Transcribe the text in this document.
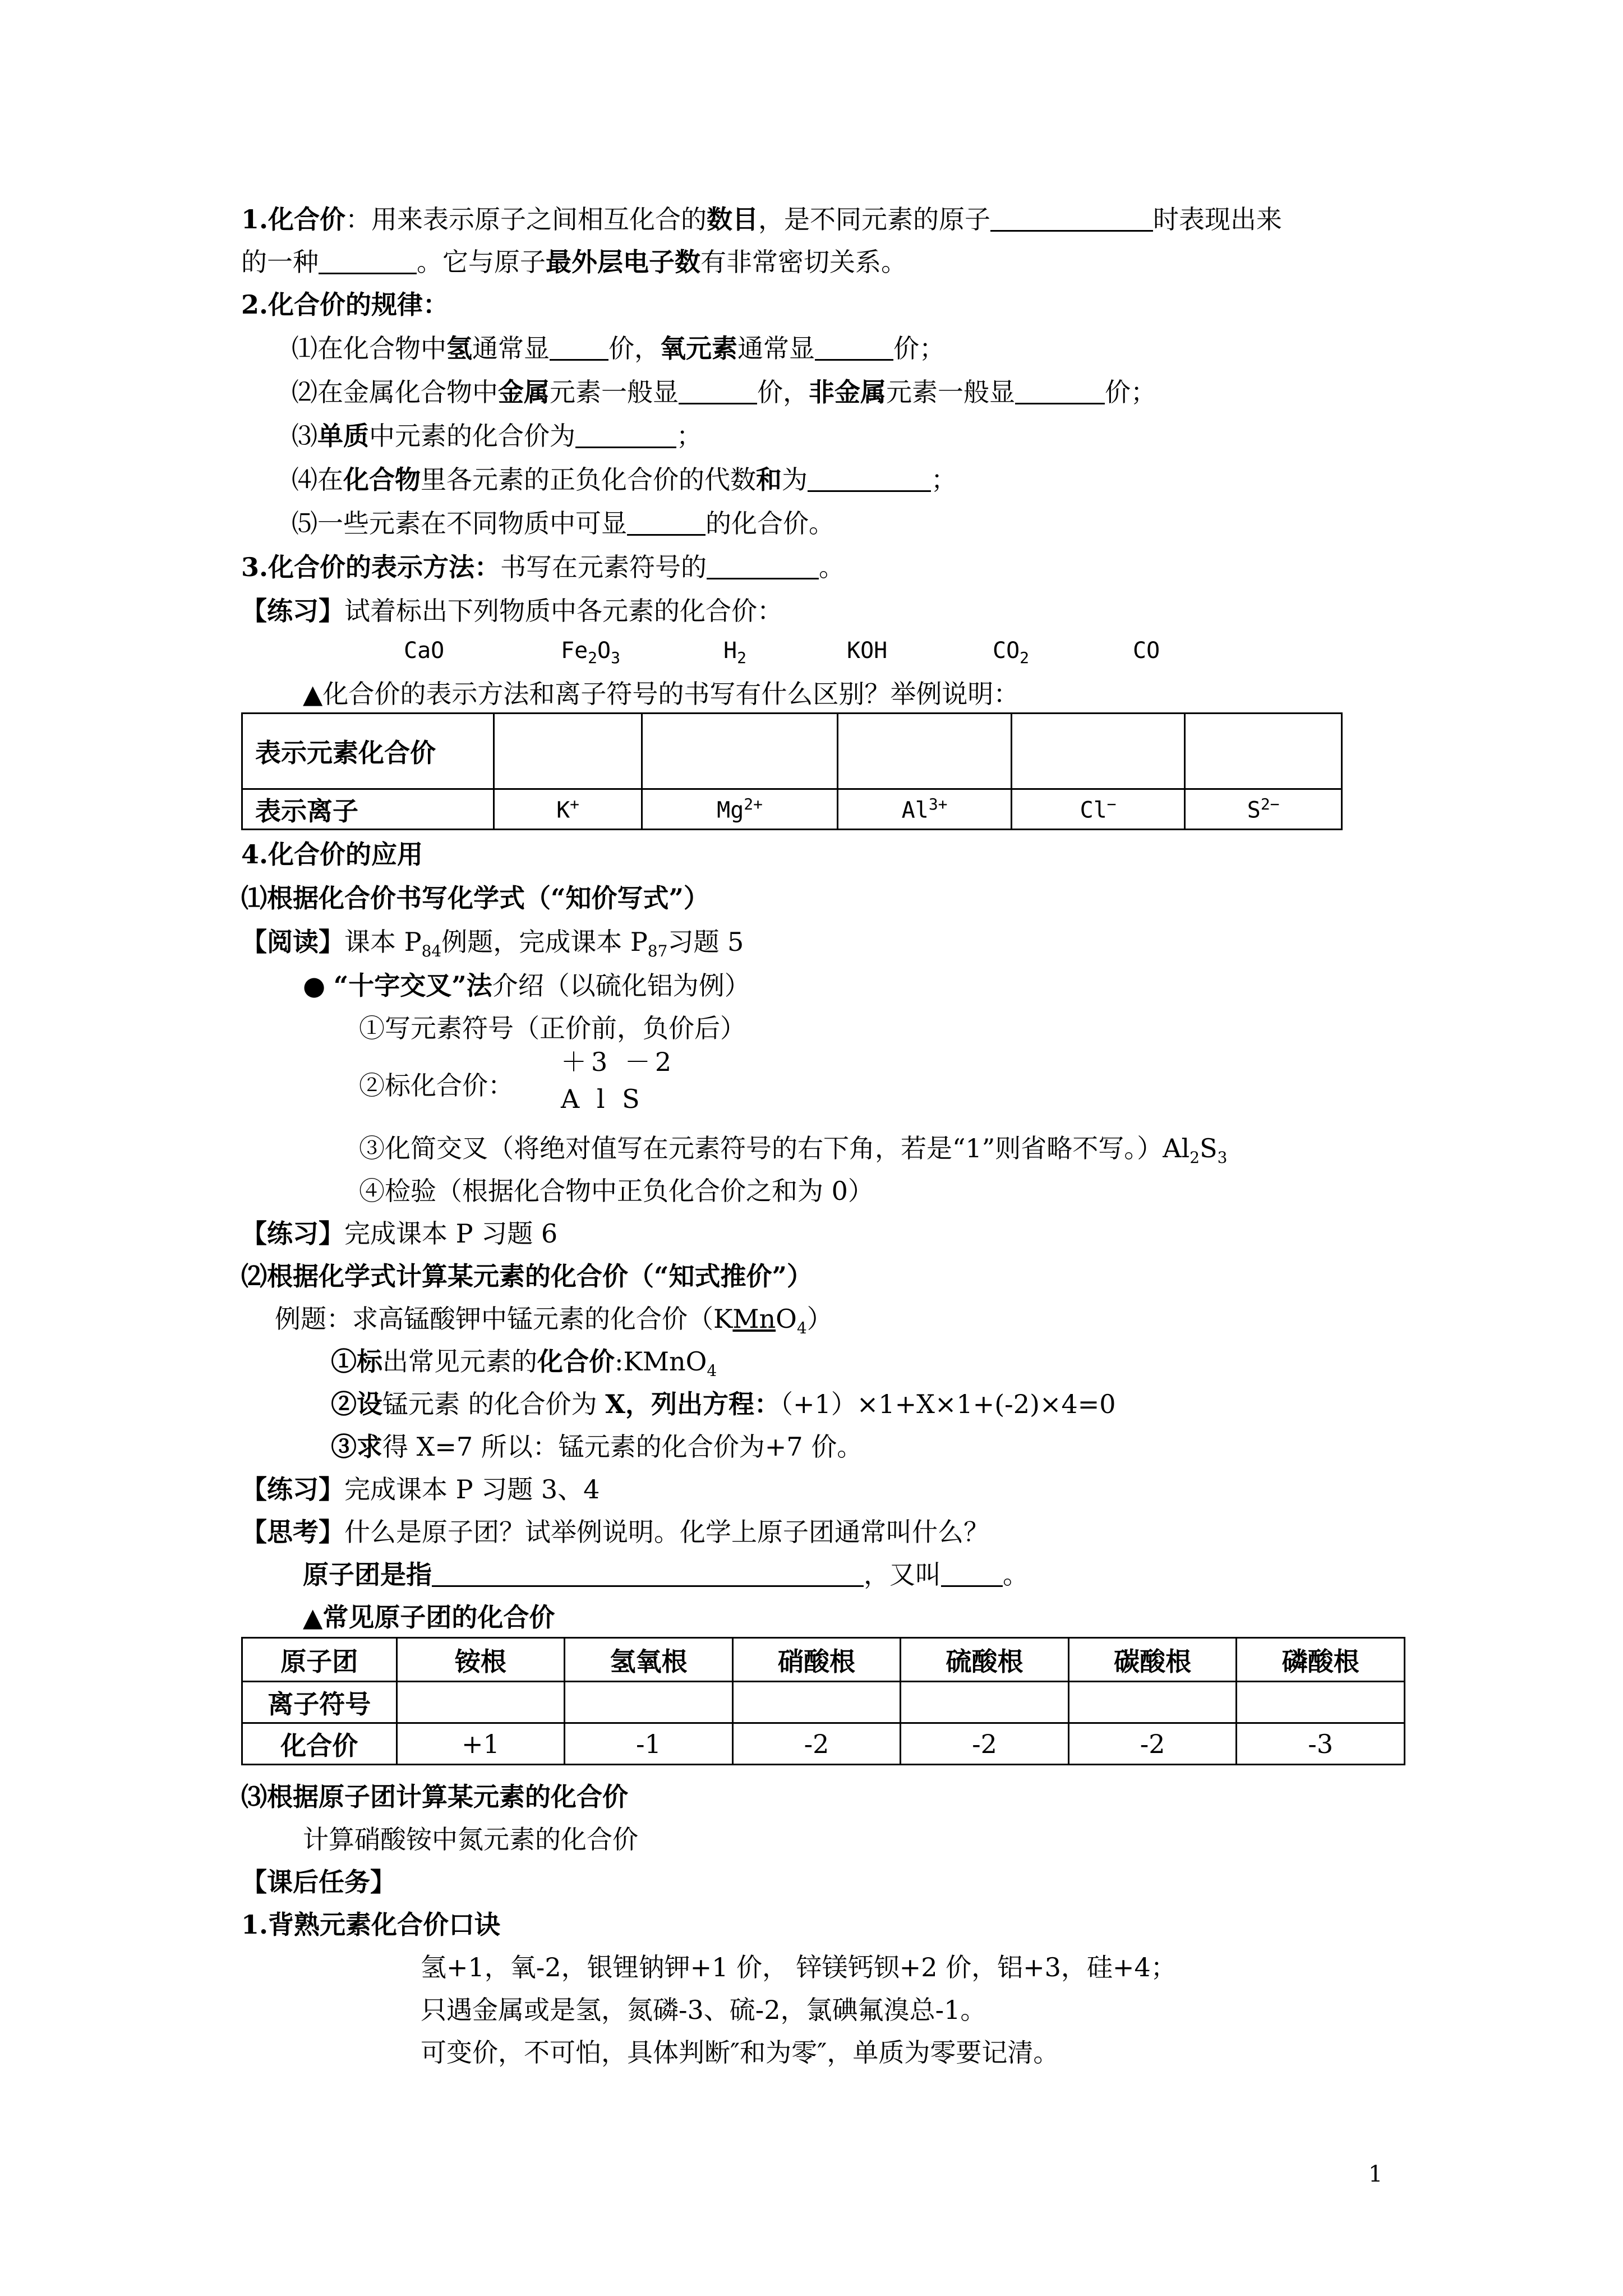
1.化合价：用来表示原子之间相互化合的数目，是不同元素的原子	时表现出来
的一种	。它与原子最外层电子数有非常密切关系。
2.化合价的规律：
⑴在化合物中氢通常显 价，氧元素通常显	价；
⑵在金属化合物中金属元素一般显	价，非金属元素一般显	价；
⑶单质中元素的化合价为	；
⑷在化合物里各元素的正负化合价的代数和为	；
⑸一些元素在不同物质中可显	的化合价。
3.化合价的表示方法：书写在元素符号的	。
【练习】试着标出下列物质中各元素的化合价：
CaO	$Fe_2O_3$	$H_2$	KOH	$CO_2$	CO
▲化合价的表示方法和离子符号的书写有什么区别？举例说明：
表示元素化合价					
表示离子	K+	$Mg^{2+}$	$Al^{3+}$	Cl−	$S^{2-}$
4.化合价的应用
⑴根据化合价书写化学式（“知价写式”）
【阅读】课本 $P_{84}$例题，完成课本 $P_{87}$习题 5
● “十字交叉”法介绍（以硫化铝为例）
①写元素符号（正价前，负价后）
②标化合价：
＋3 －2
A l S
③化简交叉（将绝对值写在元素符号的右下角，若是“1”则省略不写。）$Al_2S_3$
④检验（根据化合物中正负化合价之和为 0）
【练习】完成课本 P 习题 6
⑵根据化学式计算某元素的化合价（“知式推价”）
例题：求高锰酸钾中锰元素的化合价（KMnO$_4$）
①标出常见元素的化合价:KMnO$_4$
②设锰元素 的化合价为 X，列出方程：（+1）×1+X×1+(-2)×4=0
③求得 X=7 所以：锰元素的化合价为+7 价。
【练习】完成课本 P 习题 3、4
【思考】什么是原子团？试举例说明。化学上原子团通常叫什么？
原子团是指	，又叫 。
▲常见原子团的化合价
原子团	铵根	氢氧根	硝酸根	硫酸根	碳酸根	磷酸根
离子符号						
化合价	+1	-1	-2	-2	-2	-3
⑶根据原子团计算某元素的化合价
计算硝酸铵中氮元素的化合价
【课后任务】
1.背熟元素化合价口诀
氢+1，氧-2，银锂钠钾+1 价， 锌镁钙钡+2 价，铝+3，硅+4；
只遇金属或是氢，氮磷-3、硫-2，氯碘氟溴总-1。
可变价，不可怕，具体判断″和为零″，单质为零要记清。
1
